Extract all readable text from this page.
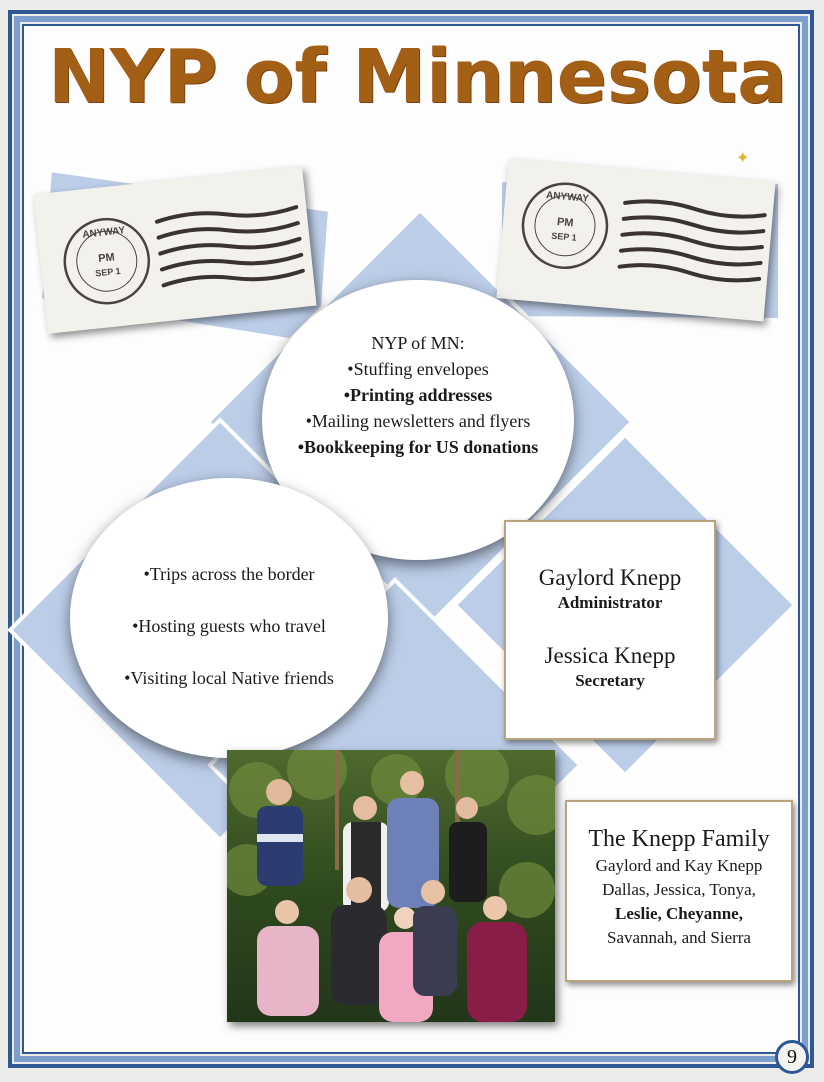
NYP of Minnesota
✦
ANYWAY
PM
SEP 1
ANYWAY
PM
SEP 1
NYP of MN:
•Stuffing envelopes
•Printing addresses
•Mailing newsletters and flyers
•Bookkeeping for US donations
•Trips across the border
•Hosting guests who travel
•Visiting local Native friends
Gaylord Knepp
Administrator
Jessica Knepp
Secretary
The Knepp Family
Gaylord and Kay Knepp
Dallas, Jessica, Tonya,
Leslie, Cheyanne,
Savannah, and Sierra
9
